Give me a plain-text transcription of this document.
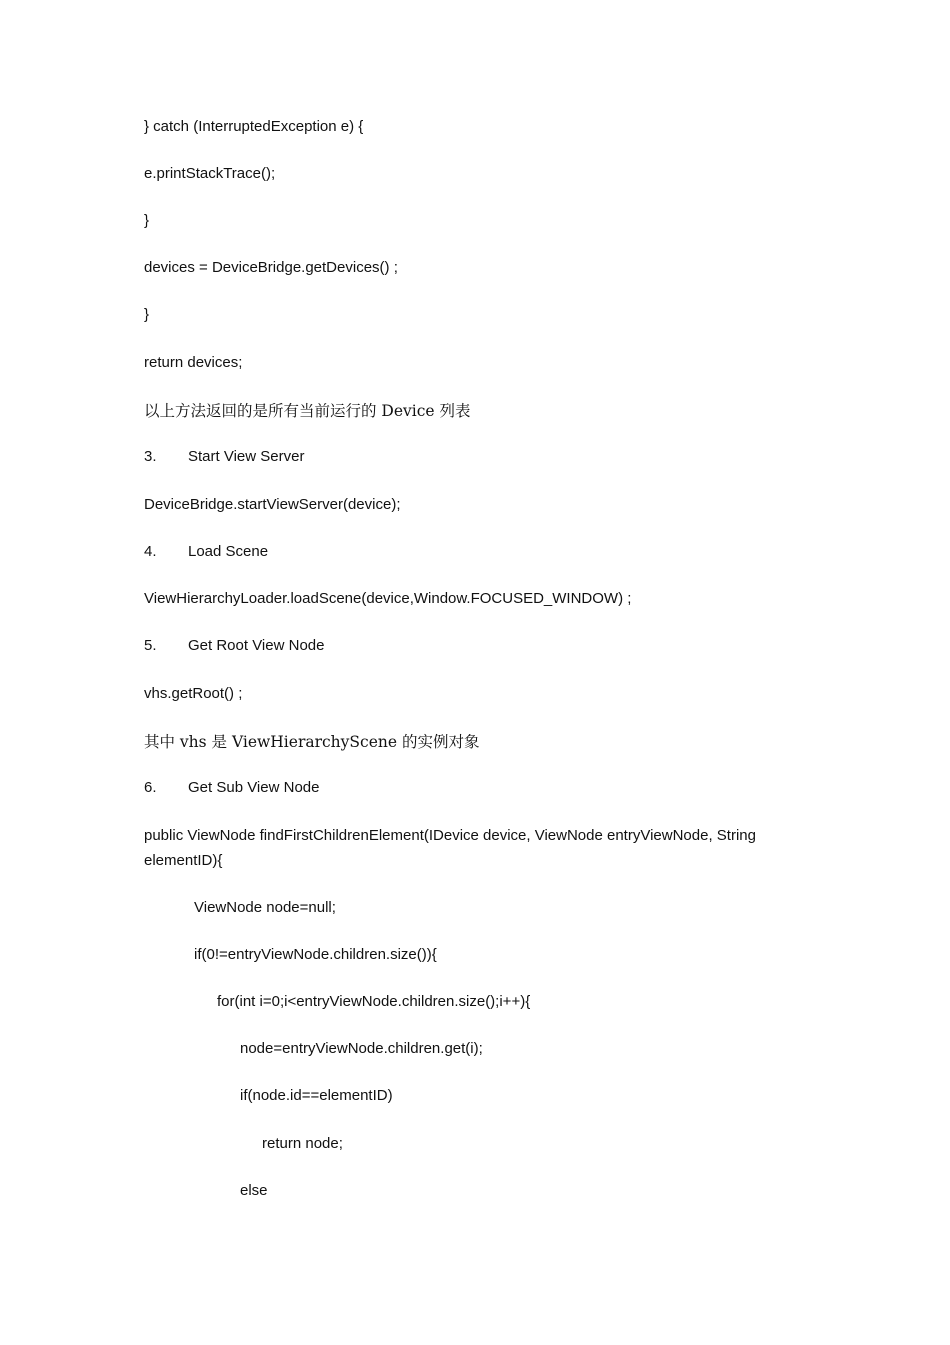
} catch (InterruptedException e) {
e.printStackTrace();
}
devices = DeviceBridge.getDevices() ;
}
return devices;
以上方法返回的是所有当前运行的 Device 列表
3. Start View Server
DeviceBridge.startViewServer(device);
4. Load Scene
ViewHierarchyLoader.loadScene(device,Window.FOCUSED_WINDOW) ;
5. Get Root View Node
vhs.getRoot() ;
其中 vhs 是 ViewHierarchyScene 的实例对象
6. Get Sub View Node
public ViewNode findFirstChildrenElement(IDevice device, ViewNode entryViewNode, String elementID){
ViewNode node=null;
if(0!=entryViewNode.children.size()){
for(int i=0;i<entryViewNode.children.size();i++){
node=entryViewNode.children.get(i);
if(node.id==elementID)
return node;
else
